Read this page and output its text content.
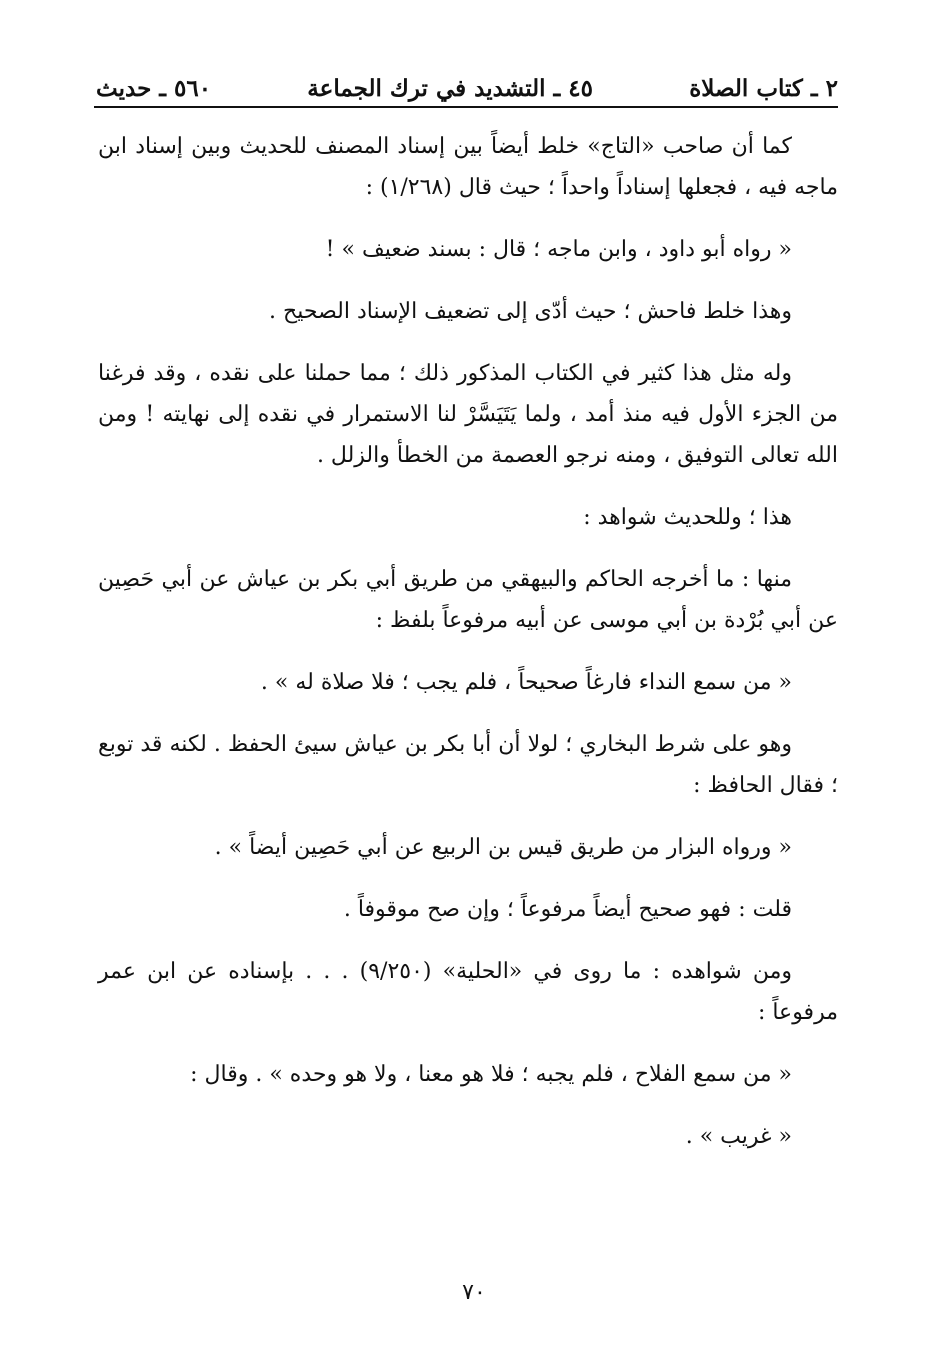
٢ ـ كتاب الصلاة
٤٥ ـ التشديد في ترك الجماعة
٥٦٠ ـ حديث

كما أن صاحب «التاج» خلط أيضاً بين إسناد المصنف للحديث وبين إسناد ابن ماجه فيه ، فجعلها إسناداً واحداً ؛ حيث قال (١/٢٦٨) :

« رواه أبو داود ، وابن ماجه ؛ قال : بسند ضعيف » !

وهذا خلط فاحش ؛ حيث أدّى إلى تضعيف الإسناد الصحيح .

وله مثل هذا كثير في الكتاب المذكور ذلك ؛ مما حملنا على نقده ، وقد فرغنا من الجزء الأول فيه منذ أمد ، ولما يَتَيَسَّرْ لنا الاستمرار في نقده إلى نهايته ! ومن الله تعالى التوفيق ، ومنه نرجو العصمة من الخطأ والزلل .

هذا ؛ وللحديث شواهد :

منها : ما أخرجه الحاكم والبيهقي من طريق أبي بكر بن عياش عن أبي حَصِين عن أبي بُرْدة بن أبي موسى عن أبيه مرفوعاً بلفظ :

« من سمع النداء فارغاً صحيحاً ، فلم يجب ؛ فلا صلاة له » .

وهو على شرط البخاري ؛ لولا أن أبا بكر بن عياش سيئ الحفظ . لكنه قد توبع ؛ فقال الحافظ :

« ورواه البزار من طريق قيس بن الربيع عن أبي حَصِين أيضاً » .

قلت : فهو صحيح أيضاً مرفوعاً ؛ وإن صح موقوفاً .

ومن شواهده : ما روى في «الحلية» (٩/٢٥٠) . . . بإسناده عن ابن عمر مرفوعاً :

« من سمع الفلاح ، فلم يجبه ؛ فلا هو معنا ، ولا هو وحده » . وقال :

« غريب » .

٧٠
